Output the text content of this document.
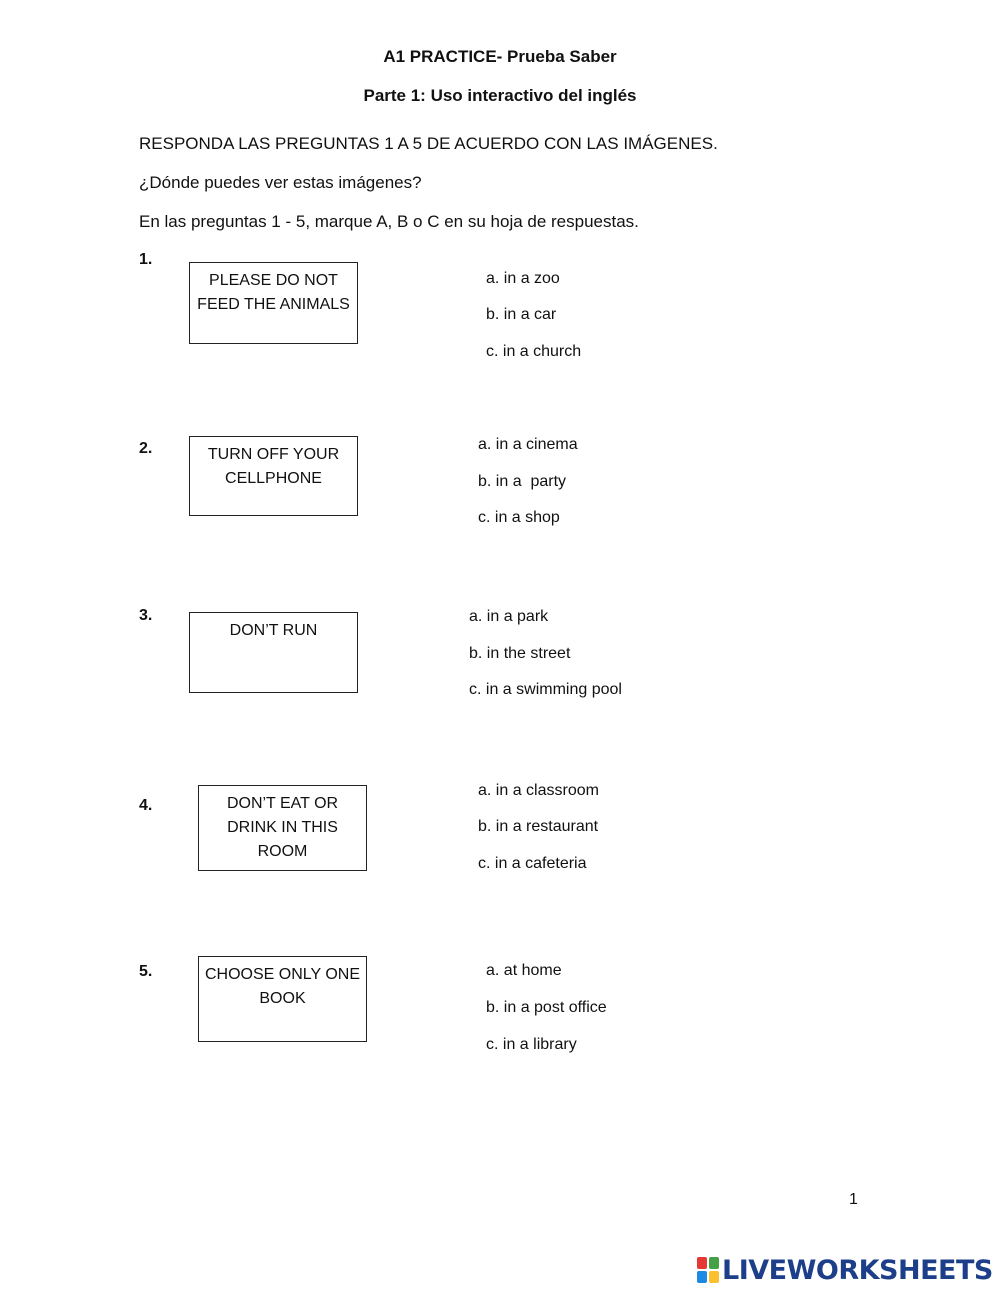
A1 PRACTICE- Prueba Saber
Parte 1: Uso interactivo del inglés
RESPONDA LAS PREGUNTAS 1 A 5 DE ACUERDO CON LAS IMÁGENES.
¿Dónde puedes ver estas imágenes?
En las preguntas 1 - 5, marque A, B o C en su hoja de respuestas.
1.
PLEASE DO NOT
FEED THE ANIMALS
a. in a zoo
b. in a car
c. in a church
2.	TURN OFF YOUR
CELLPHONE
a. in a cinema
b. in a  party
c. in a shop
3.
DON’T RUN
a. in a park
b. in the street
c. in a swimming pool
4.	DON’T EAT OR
DRINK IN THIS
ROOM
a. in a classroom
b. in a restaurant
c. in a cafeteria
5.	CHOOSE ONLY ONE
BOOK
a. at home
b. in a post office
c. in a library
1
LIVEWORKSHEETS
